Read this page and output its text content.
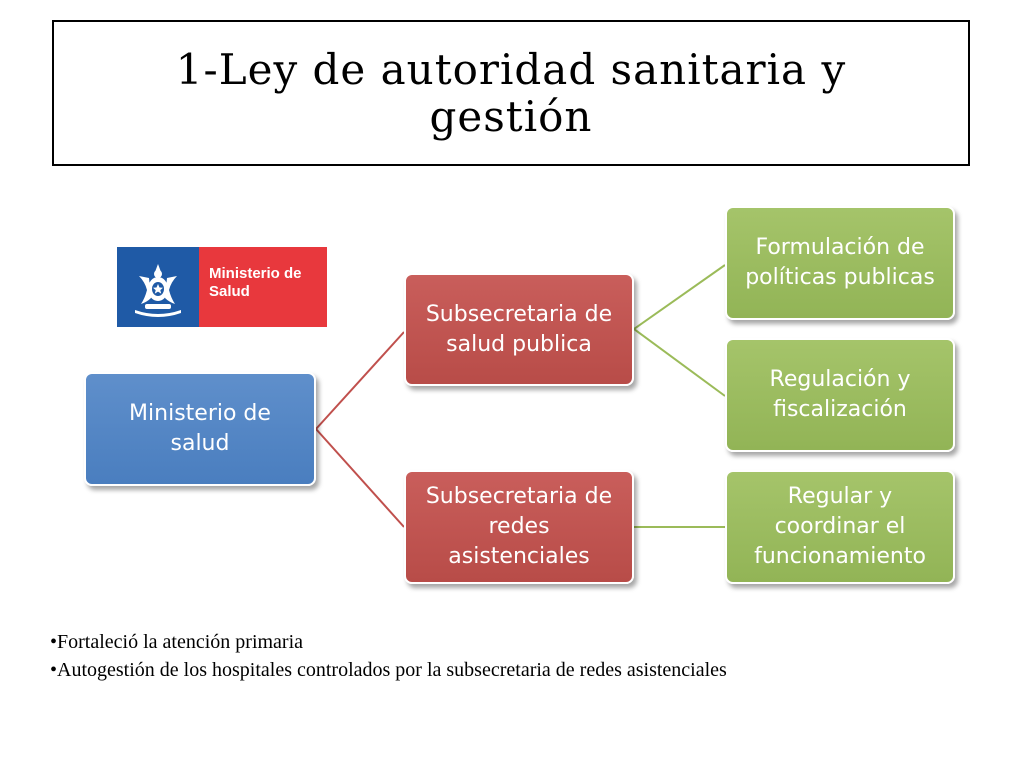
1-Ley de autoridad sanitaria y gestión
Ministerio de
Salud
Ministerio de
salud
Subsecretaria de
salud publica
Subsecretaria de
redes
asistenciales
Formulación de
políticas publicas
Regulación y
fiscalización
Regular y
coordinar el
funcionamiento
•Fortaleció la atención primaria
•Autogestión de los hospitales controlados por la subsecretaria de redes asistenciales
